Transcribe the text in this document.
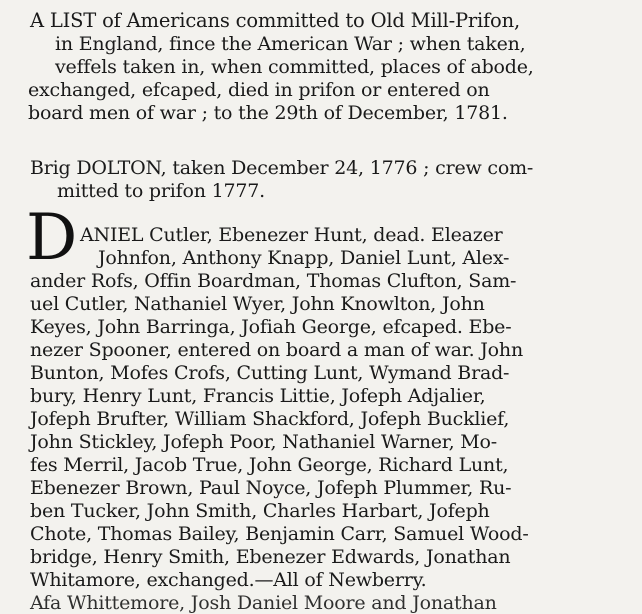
A LIST of Americans committed to Old Mill-Prifon,
in England, fince the American War ; when taken,
veffels taken in, when committed, places of abode,
exchanged, efcaped, died in prifon or entered on
board men of war ; to the 29th of December, 1781.
Brig DOLTON, taken December 24, 1776 ; crew com-
mitted to prifon 1777.
D ANIEL Cutler, Ebenezer Hunt, dead. Eleazer
Johnfon, Anthony Knapp, Daniel Lunt, Alex-
ander Rofs, Offin Boardman, Thomas Clufton, Sam-
uel Cutler, Nathaniel Wyer, John Knowlton, John
Keyes, John Barringa, Jofiah George, efcaped. Ebe-
nezer Spooner, entered on board a man of war. John
Bunton, Mofes Crofs, Cutting Lunt, Wymand Brad-
bury, Henry Lunt, Francis Littie, Jofeph Adjalier,
Jofeph Brufter, William Shackford, Jofeph Bucklief,
John Stickley, Jofeph Poor, Nathaniel Warner, Mo-
fes Merril, Jacob True, John George, Richard Lunt,
Ebenezer Brown, Paul Noyce, Jofeph Plummer, Ru-
ben Tucker, John Smith, Charles Harbart, Jofeph
Chote, Thomas Bailey, Benjamin Carr, Samuel Wood-
bridge, Henry Smith, Ebenezer Edwards, Jonathan
Whitamore, exchanged.—All of Newberry.
Afa Whittemore, Josh Daniel Moore and Jonathan
